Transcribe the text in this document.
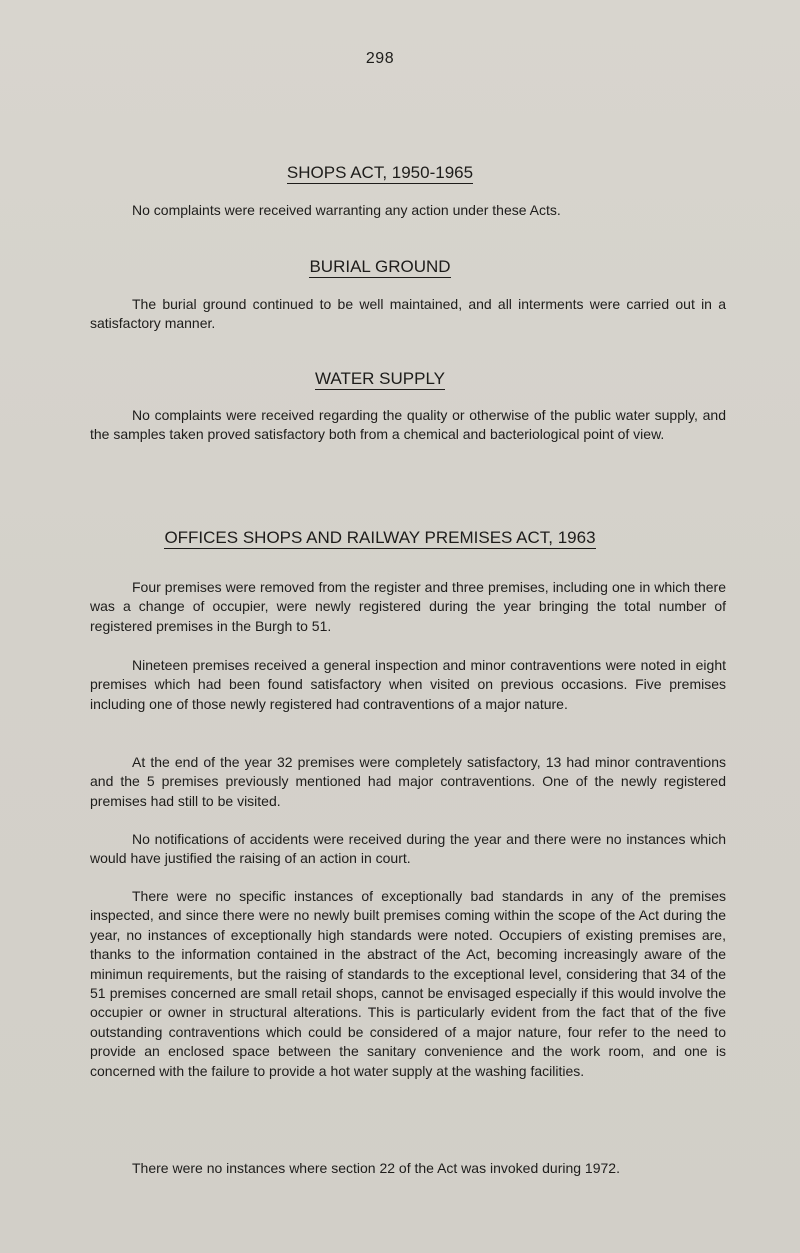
298
SHOPS ACT, 1950-1965

No complaints were received warranting any action under these Acts.

BURIAL GROUND

The burial ground continued to be well maintained, and all interments were carried out in a satisfactory manner.

WATER SUPPLY

No complaints were received regarding the quality or otherwise of the public water supply, and the samples taken proved satisfactory both from a chemical and bacteriological point of view.

OFFICES SHOPS AND RAILWAY PREMISES ACT, 1963

Four premises were removed from the register and three premises, including one in which there was a change of occupier, were newly registered during the year bringing the total number of registered premises in the Burgh to 51.

Nineteen premises received a general inspection and minor contraventions were noted in eight premises which had been found satisfactory when visited on previous occasions. Five premises including one of those newly registered had contraventions of a major nature.

At the end of the year 32 premises were completely satisfactory, 13 had minor contraventions and the 5 premises previously mentioned had major contraventions. One of the newly registered premises had still to be visited.

No notifications of accidents were received during the year and there were no instances which would have justified the raising of an action in court.

There were no specific instances of exceptionally bad standards in any of the premises inspected, and since there were no newly built premises coming within the scope of the Act during the year, no instances of exceptionally high standards were noted. Occupiers of existing premises are, thanks to the information contained in the abstract of the Act, becoming increasingly aware of the minimun requirements, but the raising of standards to the exceptional level, considering that 34 of the 51 premises concerned are small retail shops, cannot be envisaged especially if this would involve the occupier or owner in structural alterations. This is particularly evident from the fact that of the five outstanding contraventions which could be considered of a major nature, four refer to the need to provide an enclosed space between the sanitary convenience and the work room, and one is concerned with the failure to provide a hot water supply at the washing facilities.

There were no instances where section 22 of the Act was invoked during 1972.
